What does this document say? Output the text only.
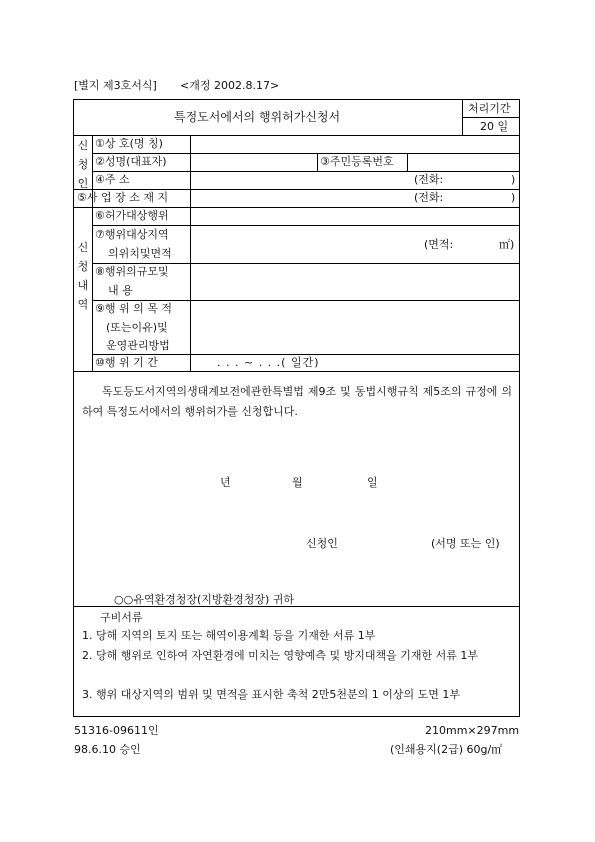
[별지 제3호서식] <개정 2002.8.17>
특정도서에서의 행위허가신청서
처리기간
20 일
신
청
인
①상 호(명 칭)
②성명(대표자)	③주민등록번호
④주 소	(전화:	)
⑤사 업 장 소 재 지	(전화:	)
신
청
내
역
⑥허가대상행위
⑦행위대상지역
의위치및면적
(면적:	㎡)
⑧행위의규모및
내 용
⑨행 위 의 목 적
(또는이유)및
운영관리방법
⑩행 위 기 간	. . . ~ . . .( 일간)
독도등도서지역의생태계보전에관한특별법 제9조 및 동법시행규칙 제5조의 규정에 의하여 특정도서에서의 행위허가를 신청합니다.
년	월	일
신청인	(서명 또는 인)
○○유역환경청장(지방환경청장) 귀하
구비서류
1. 당해 지역의 토지 또는 해역이용계획 등을 기재한 서류 1부
2. 당해 행위로 인하여 자연환경에 미치는 영향예측 및 방지대책을 기재한 서류 1부
3. 행위 대상지역의 범위 및 면적을 표시한 축척 2만5천분의 1 이상의 도면 1부
51316-09611인	210mm×297mm
98.6.10 승인	(인쇄용지(2급) 60g/㎡
